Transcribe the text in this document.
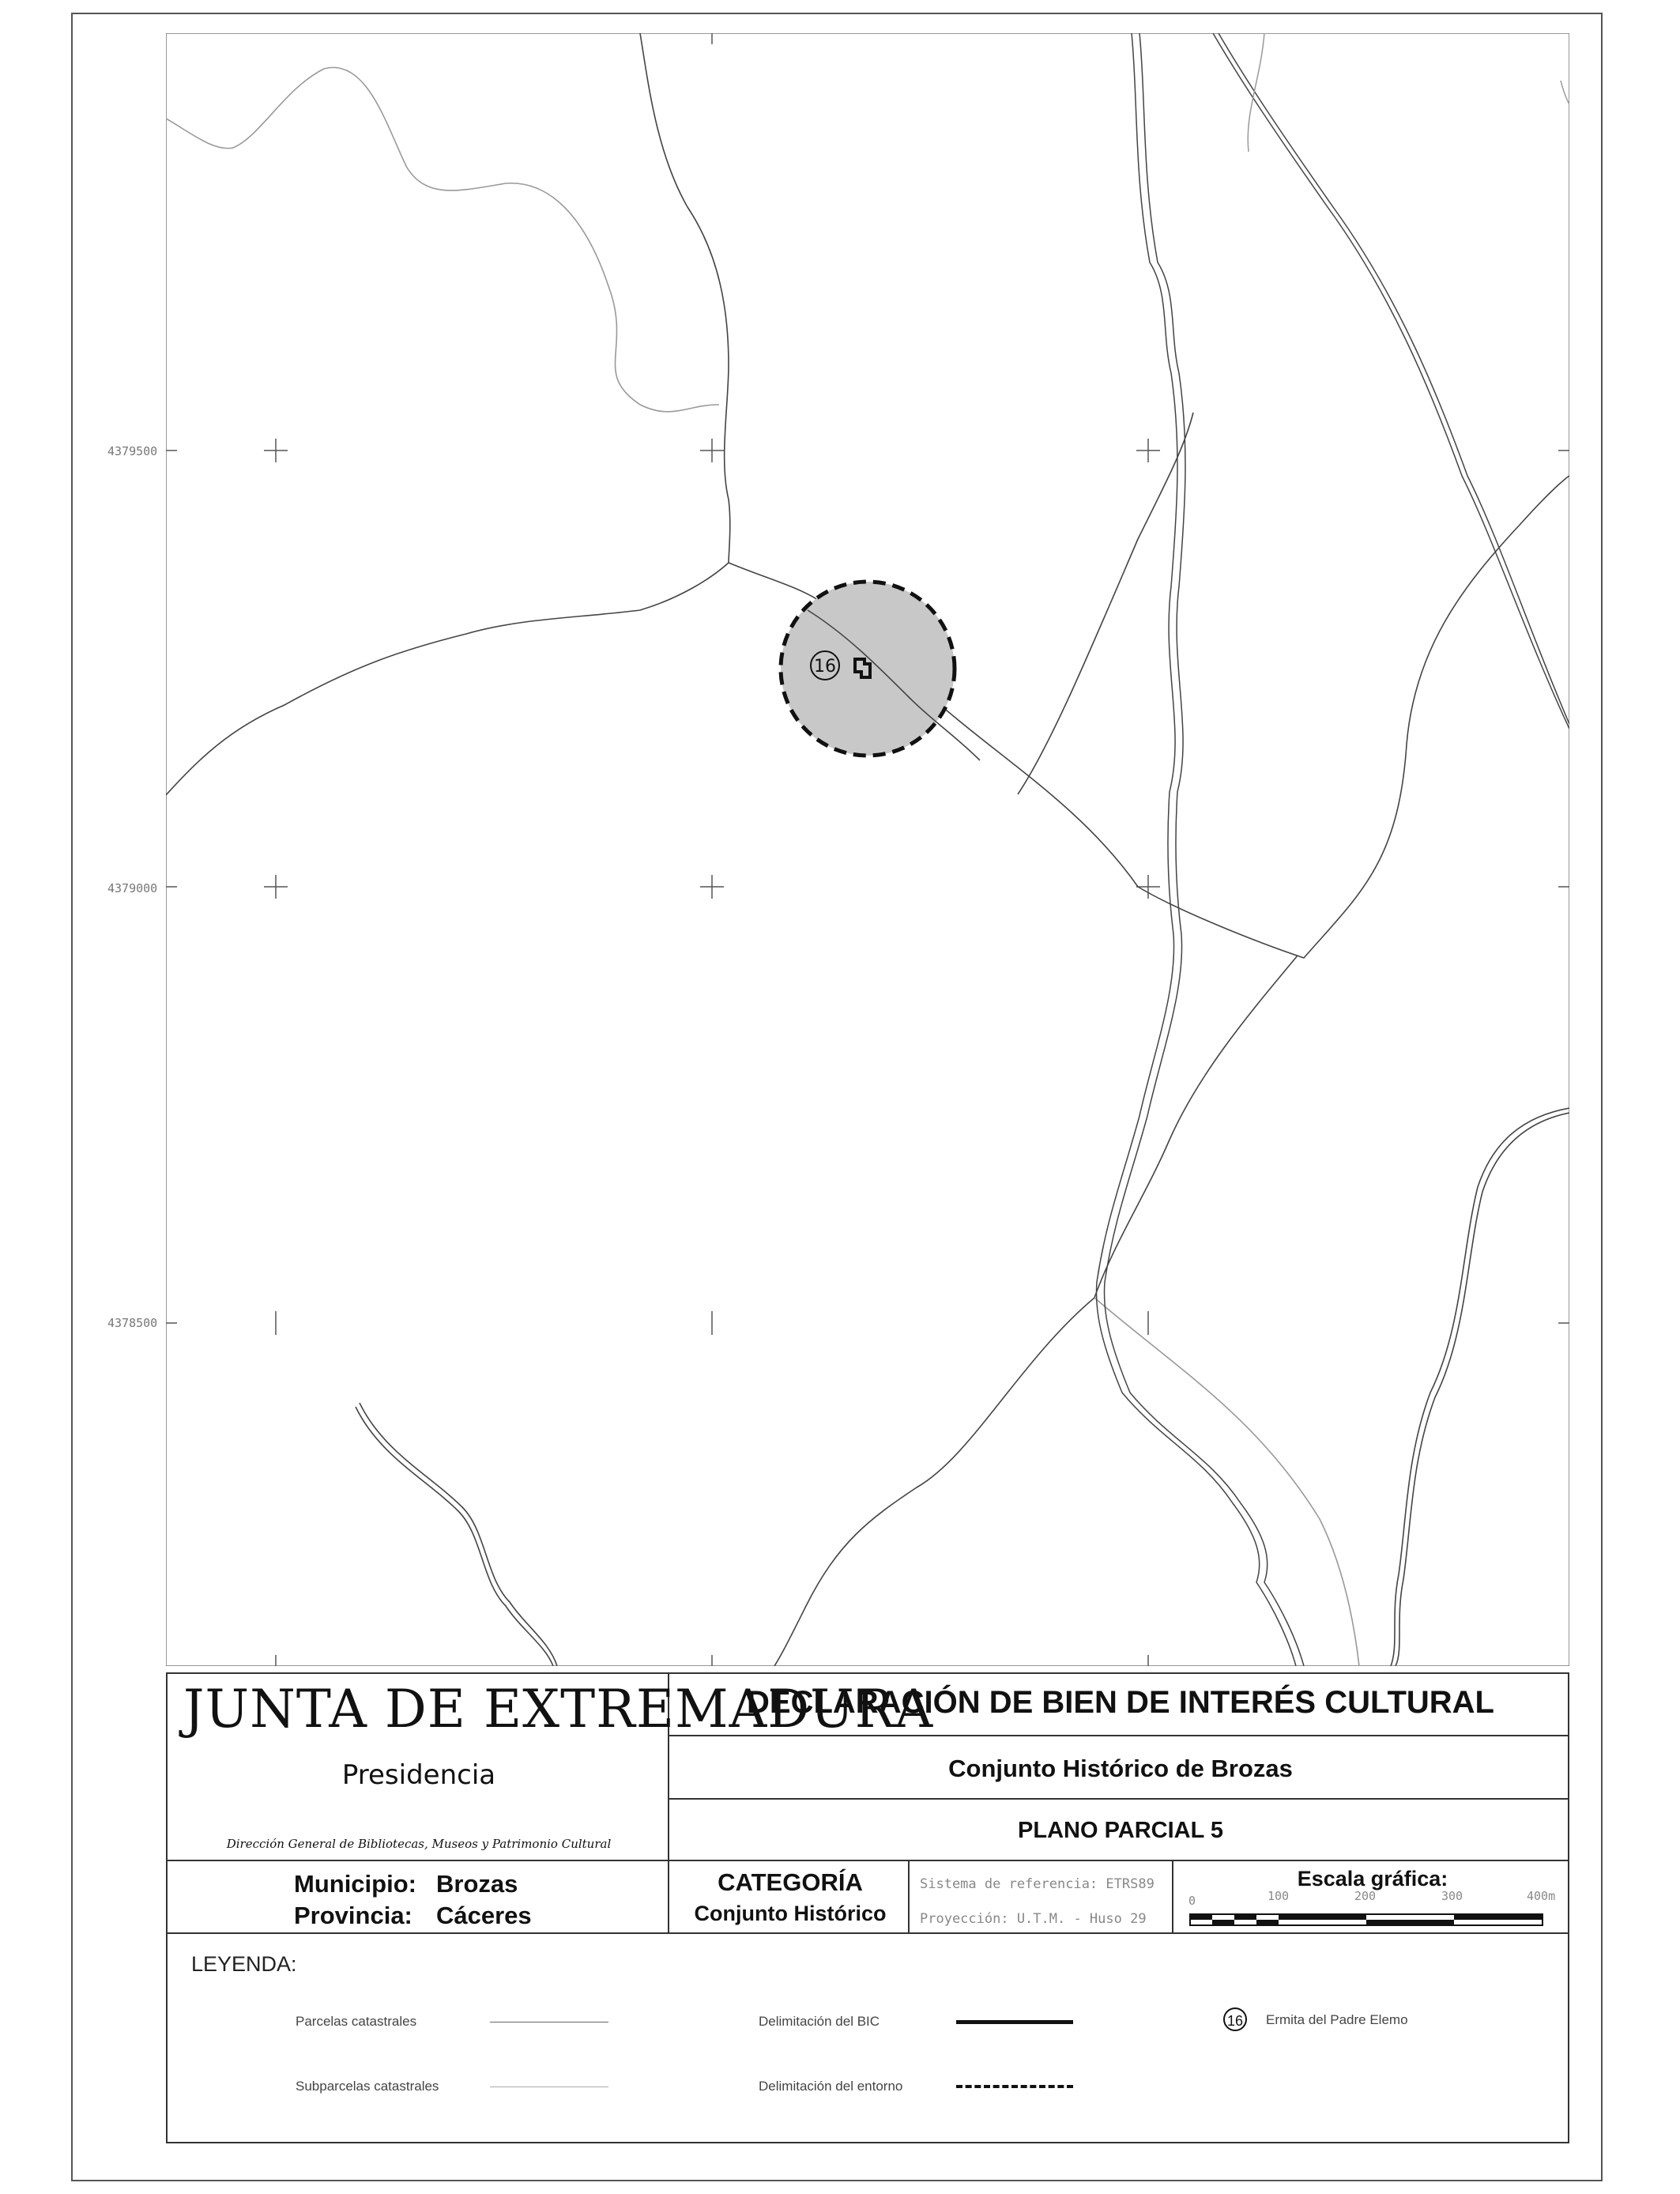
4379500
4379000
4378500
16
JUNTA DE EXTREMADURA
Presidencia
Dirección General de Bibliotecas, Museos y Patrimonio Cultural
DECLARACIÓN DE BIEN DE INTERÉS CULTURAL
Conjunto Histórico de Brozas
PLANO PARCIAL 5
Municipio: Brozas
Provincia: Cáceres
CATEGORÍA
Conjunto Histórico
Sistema de referencia: ETRS89
Proyección: U.T.M. - Huso 29
Escala gráfica:
0	100	200	300	400m
LEYENDA:
Parcelas catastrales
Subparcelas catastrales
Delimitación del BIC
Delimitación del entorno
16 Ermita del Padre Elemo
